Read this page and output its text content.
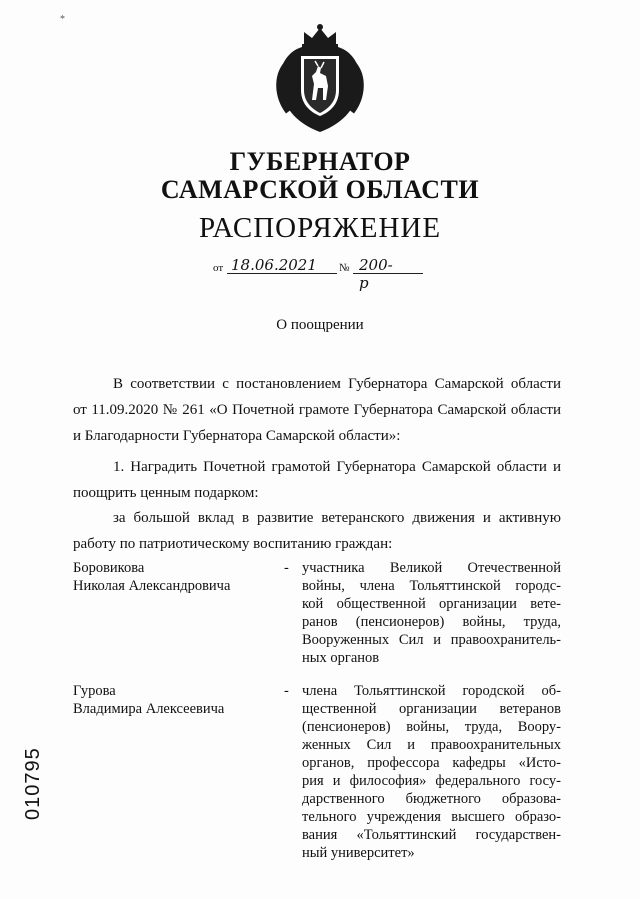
*
ГУБЕРНАТОР
САМАРСКОЙ ОБЛАСТИ
РАСПОРЯЖЕНИЕ
от 18.06.2021 № 200-р
О поощрении
В соответствии с постановлением Губернатора Самарской области
от 11.09.2020 № 261 «О Почетной грамоте Губернатора Самарской области
и Благодарности Губернатора Самарской области»:
1. Наградить Почетной грамотой Губернатора Самарской области и
поощрить ценным подарком:
за большой вклад в развитие ветеранского движения и активную
работу по патриотическому воспитанию граждан:
Боровикова
Николая Александровича
- участника Великой Отечественной
войны, члена Тольяттинской городс-
кой общественной организации вете-
ранов (пенсионеров) войны, труда,
Вооруженных Сил и правоохранитель-
ных органов
Гурова
Владимира Алексеевича
- члена Тольяттинской городской об-
щественной организации ветеранов
(пенсионеров) войны, труда, Воору-
женных Сил и правоохранительных
органов, профессора кафедры «Исто-
рия и философия» федерального госу-
дарственного бюджетного образова-
тельного учреждения высшего образо-
вания «Тольяттинский государствен-
ный университет»
010795
